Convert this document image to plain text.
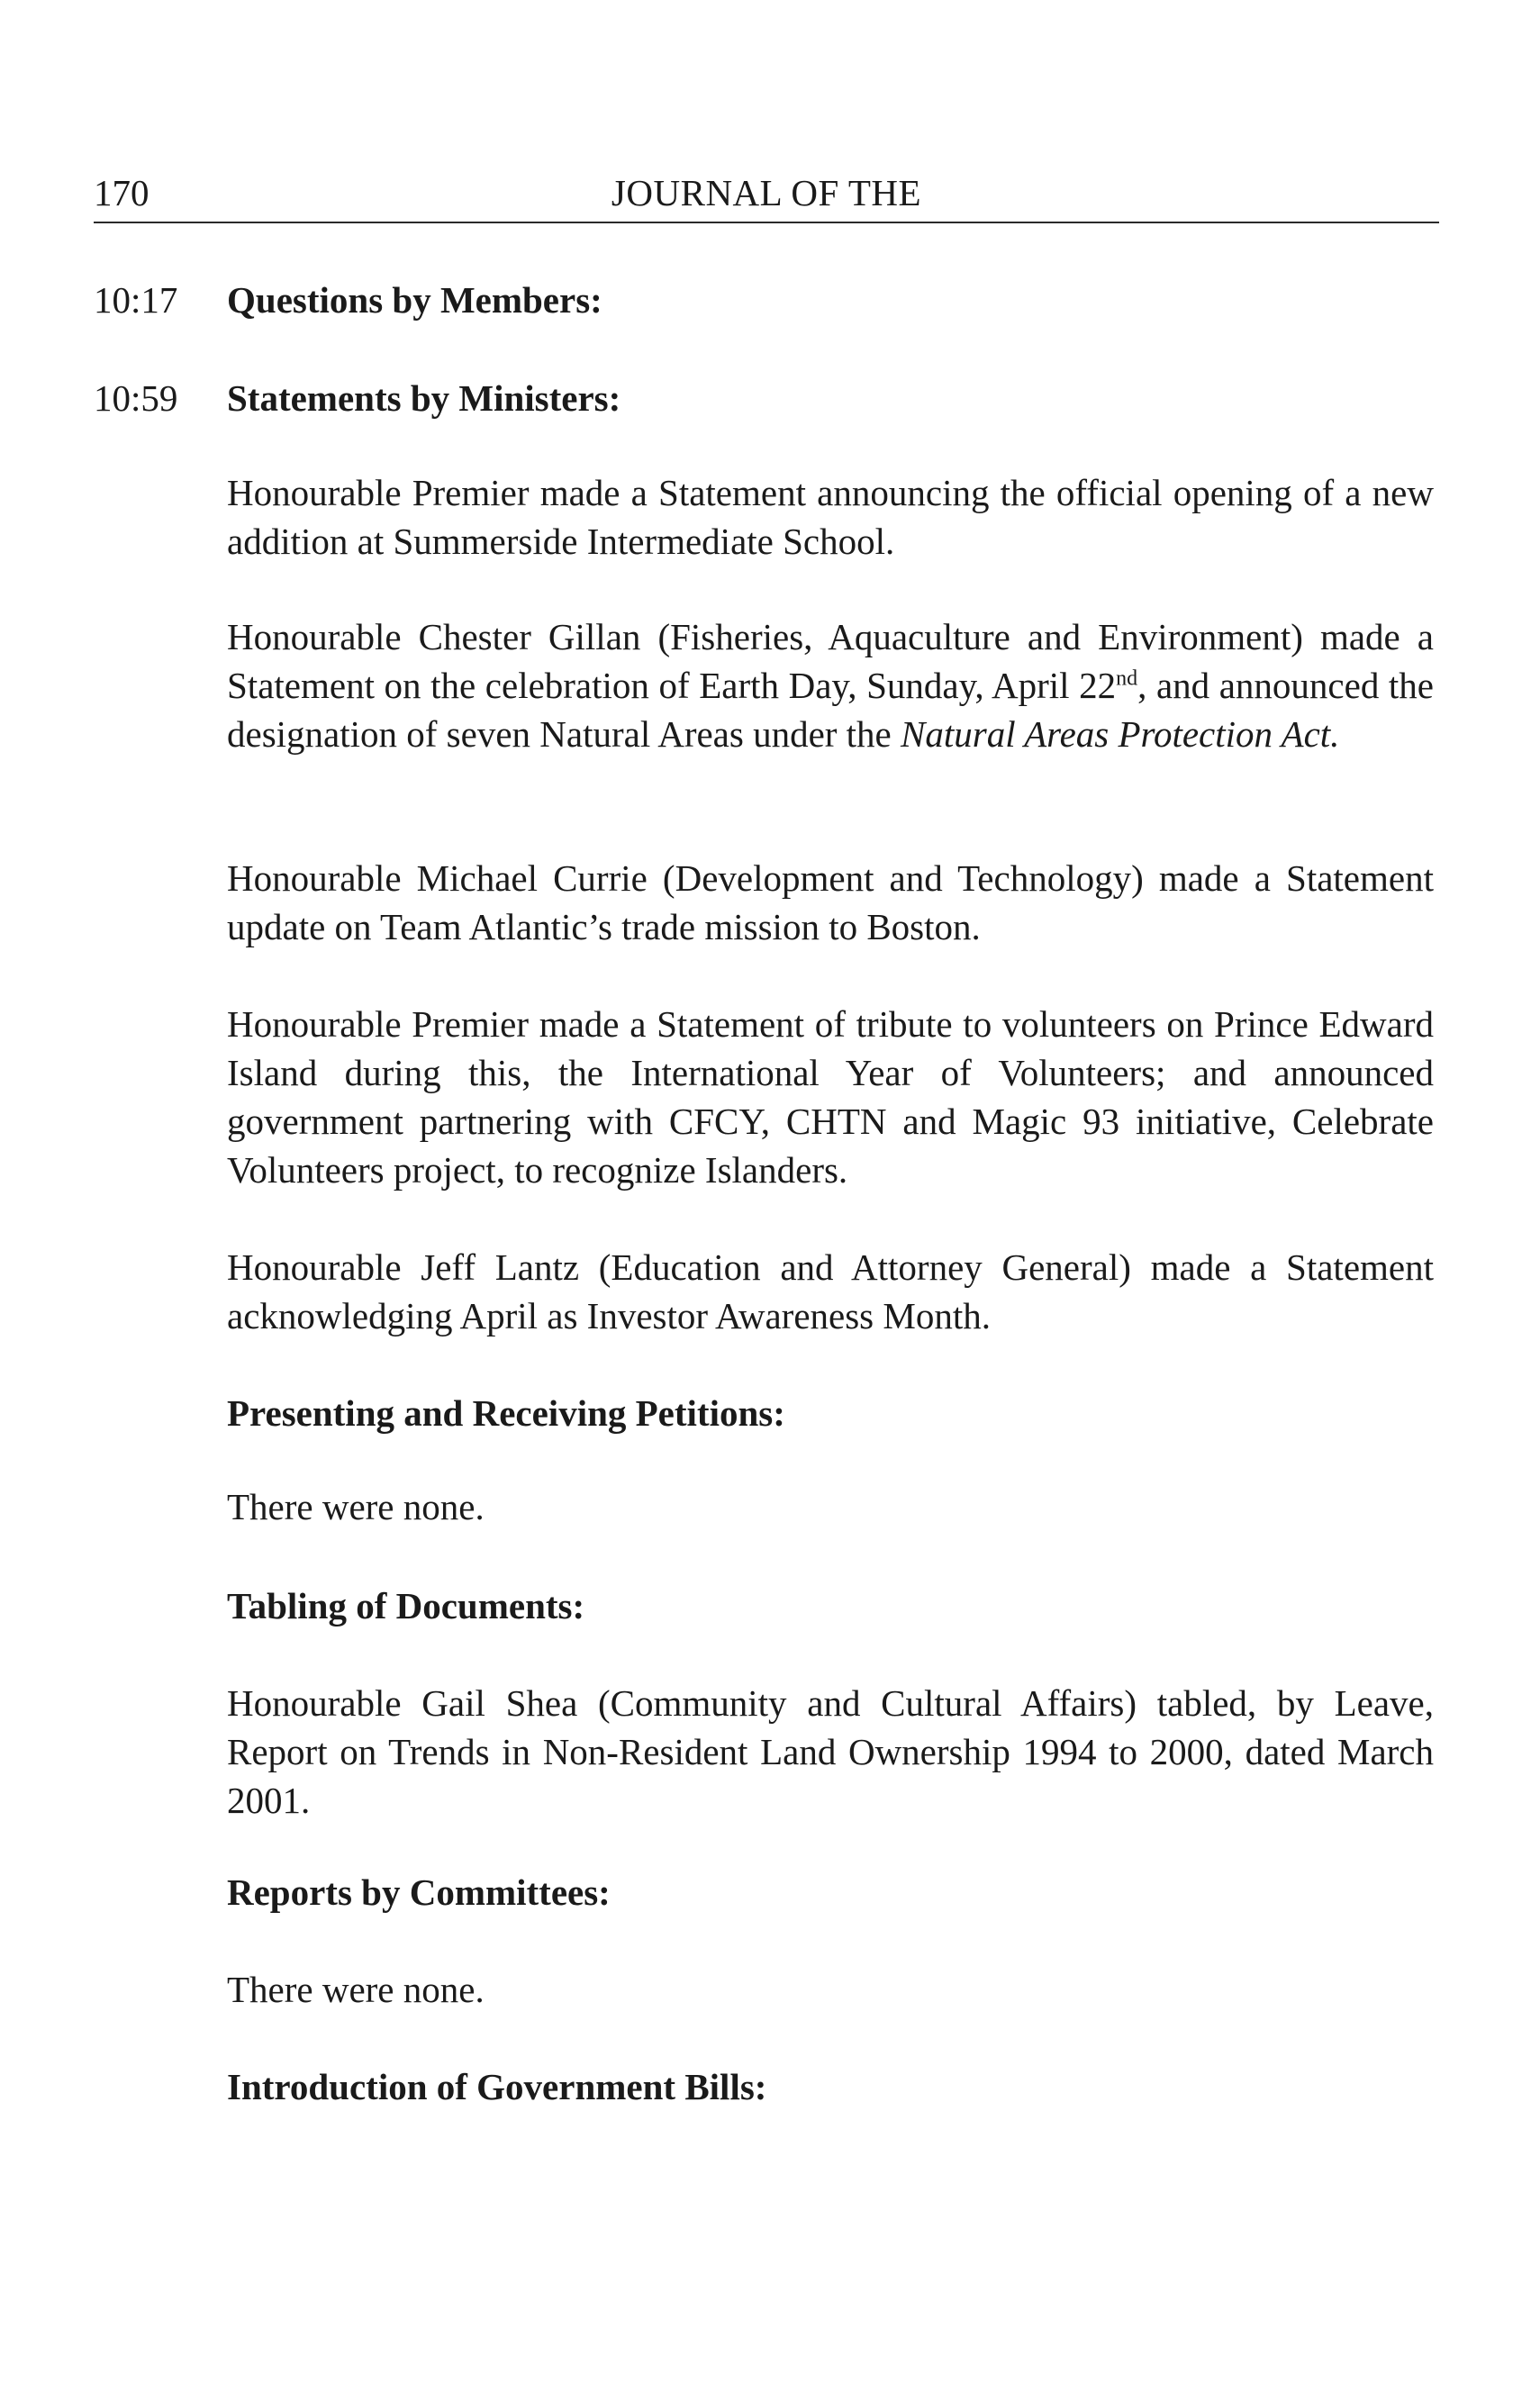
170	JOURNAL OF THE
10:17 Questions by Members:
10:59 Statements by Ministers:
Honourable Premier made a Statement announcing the official opening of a new addition at Summerside Intermediate School.
Honourable Chester Gillan (Fisheries, Aquaculture and Environment) made a Statement on the celebration of Earth Day, Sunday, April 22nd, and announced the designation of seven Natural Areas under the Natural Areas Protection Act.
Honourable Michael Currie (Development and Technology) made a Statement update on Team Atlantic’s trade mission to Boston.
Honourable Premier made a Statement of tribute to volunteers on Prince Edward Island during this, the International Year of Volunteers; and announced government partnering with CFCY, CHTN and Magic 93 initiative, Celebrate Volunteers project, to recognize Islanders.
Honourable Jeff Lantz (Education and Attorney General) made a Statement acknowledging April as Investor Awareness Month.
Presenting and Receiving Petitions:
There were none.
Tabling of Documents:
Honourable Gail Shea (Community and Cultural Affairs) tabled, by Leave, Report on Trends in Non-Resident Land Ownership 1994 to 2000, dated March 2001.
Reports by Committees:
There were none.
Introduction of Government Bills:
